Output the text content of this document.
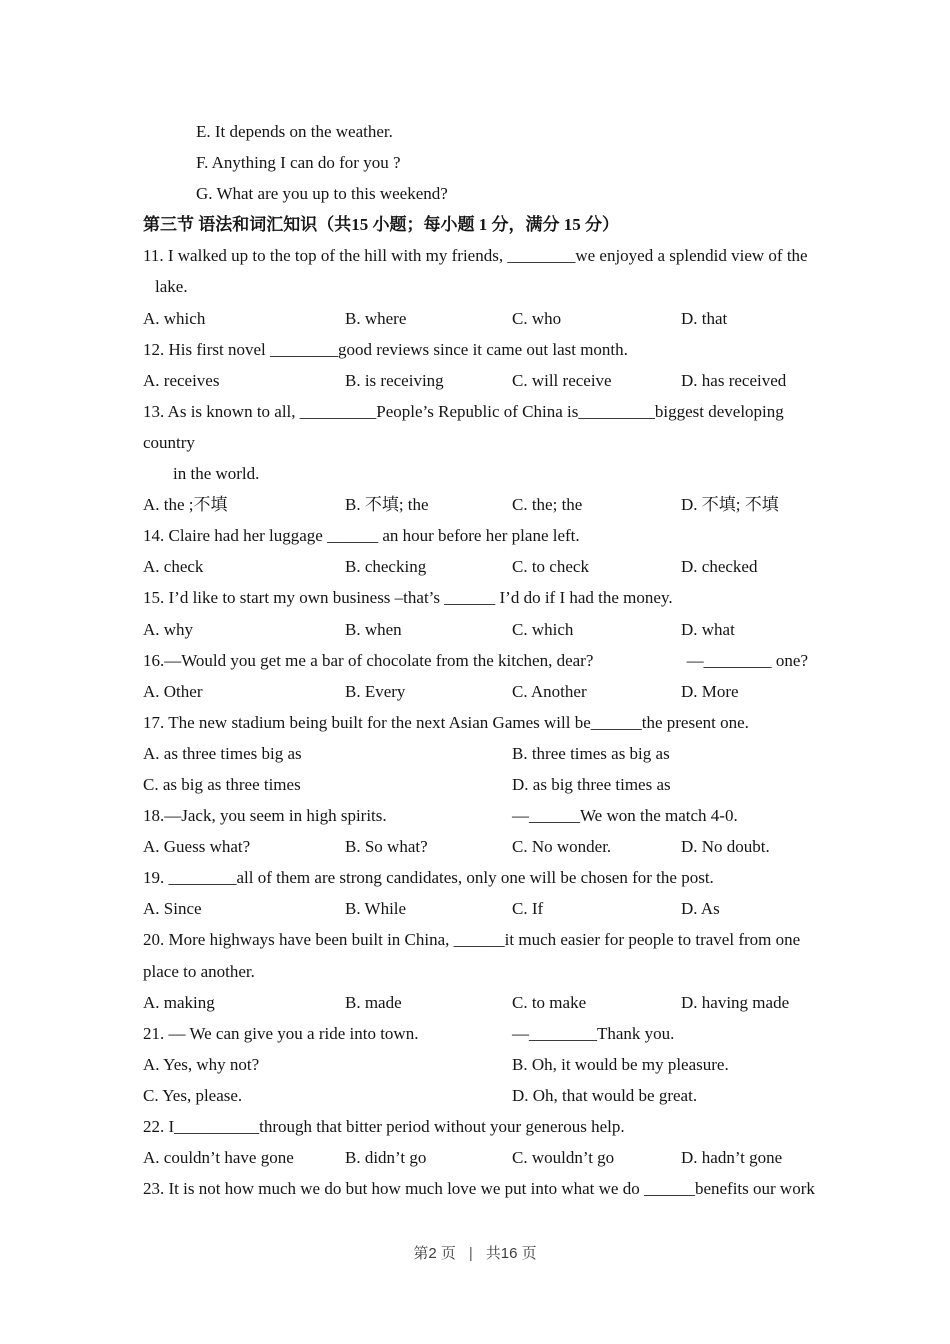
E. It depends on the weather.
F. Anything I can do for you ?
G. What are you up to this weekend?
第三节 语法和词汇知识（共15 小题；每小题 1 分，满分 15 分）
11. I walked up to the top of the hill with my friends, ________we enjoyed a splendid view of the
lake.
A. which	B. where	C. who	D. that
12. His first novel ________good reviews since it came out last month.
A. receives	B. is receiving	C. will receive	D. has received
13. As is known to all, _________People’s Republic of China is_________biggest developing
country
in the world.
A. the ;不填	B. 不填; the	C. the; the	D. 不填; 不填
14. Claire had her luggage ______ an hour before her plane left.
A. check	B. checking	C. to check	D. checked
15. I’d like to start my own business –that’s ______ I’d do if I had the money.
A. why	B. when	C. which	D. what
16.—Would you get me a bar of chocolate from the kitchen, dear?	—________ one?
A. Other	B. Every	C. Another	D. More
17. The new stadium being built for the next Asian Games will be______the present one.
A. as three times big as	B. three times as big as
C. as big as three times	D. as big three times as
18.—Jack, you seem in high spirits.	—______We won the match 4-0.
A. Guess what?	B. So what?	C. No wonder.	D. No doubt.
19. ________all of them are strong candidates, only one will be chosen for the post.
A. Since	B. While	C. If	D. As
20. More highways have been built in China, ______it much easier for people to travel from one
place to another.
A. making	B. made	C. to make	D. having made
21. — We can give you a ride into town.	—________Thank you.
A. Yes, why not?	B. Oh, it would be my pleasure.
C. Yes, please.	D. Oh, that would be great.
22. I__________through that bitter period without your generous help.
A. couldn’t have gone	B. didn’t go	C. wouldn’t go	D. hadn’t gone
23. It is not how much we do but how much love we put into what we do ______benefits our work
第2 页 | 共16 页
